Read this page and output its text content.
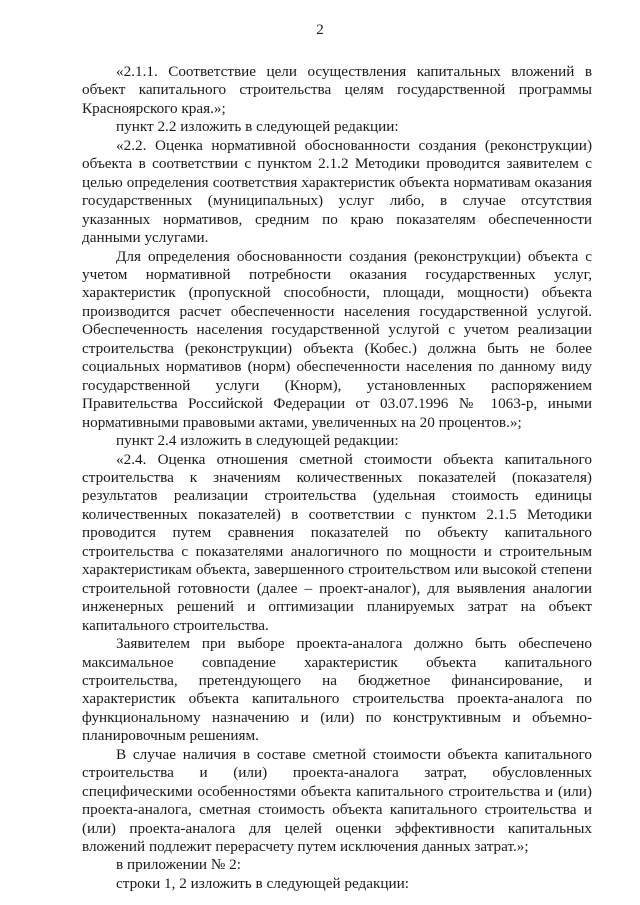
2

«2.1.1. Соответствие цели осуществления капитальных вложений в объект капитального строительства целям государственной программы Красноярского края.»;

пункт 2.2 изложить в следующей редакции:

«2.2. Оценка нормативной обоснованности создания (реконструкции) объекта в соответствии с пунктом 2.1.2 Методики проводится заявителем с целью определения соответствия характеристик объекта нормативам оказания государственных (муниципальных) услуг либо, в случае отсутствия указанных нормативов, средним по краю показателям обеспеченности данными услугами.

Для определения обоснованности создания (реконструкции) объекта с учетом нормативной потребности оказания государственных услуг, характеристик (пропускной способности, площади, мощности) объекта производится расчет обеспеченности населения государственной услугой. Обеспеченность населения государственной услугой с учетом реализации строительства (реконструкции) объекта (Кобес.) должна быть не более социальных нормативов (норм) обеспеченности населения по данному виду государственной услуги (Кнорм), установленных распоряжением Правительства Российской Федерации от 03.07.1996 № 1063-р, иными нормативными правовыми актами, увеличенных на 20 процентов.»;

пункт 2.4 изложить в следующей редакции:

«2.4. Оценка отношения сметной стоимости объекта капитального строительства к значениям количественных показателей (показателя) результатов реализации строительства (удельная стоимость единицы количественных показателей) в соответствии с пунктом 2.1.5 Методики проводится путем сравнения показателей по объекту капитального строительства с показателями аналогичного по мощности и строительным характеристикам объекта, завершенного строительством или высокой степени строительной готовности (далее – проект-аналог), для выявления аналогии инженерных решений и оптимизации планируемых затрат на объект капитального строительства.

Заявителем при выборе проекта-аналога должно быть обеспечено максимальное совпадение характеристик объекта капитального строительства, претендующего на бюджетное финансирование, и характеристик объекта капитального строительства проекта-аналога по функциональному назначению и (или) по конструктивным и объемно-планировочным решениям.

В случае наличия в составе сметной стоимости объекта капитального строительства и (или) проекта-аналога затрат, обусловленных специфическими особенностями объекта капитального строительства и (или) проекта-аналога, сметная стоимость объекта капитального строительства и (или) проекта-аналога для целей оценки эффективности капитальных вложений подлежит перерасчету путем исключения данных затрат.»;

в приложении № 2:

строки 1, 2 изложить в следующей редакции:
